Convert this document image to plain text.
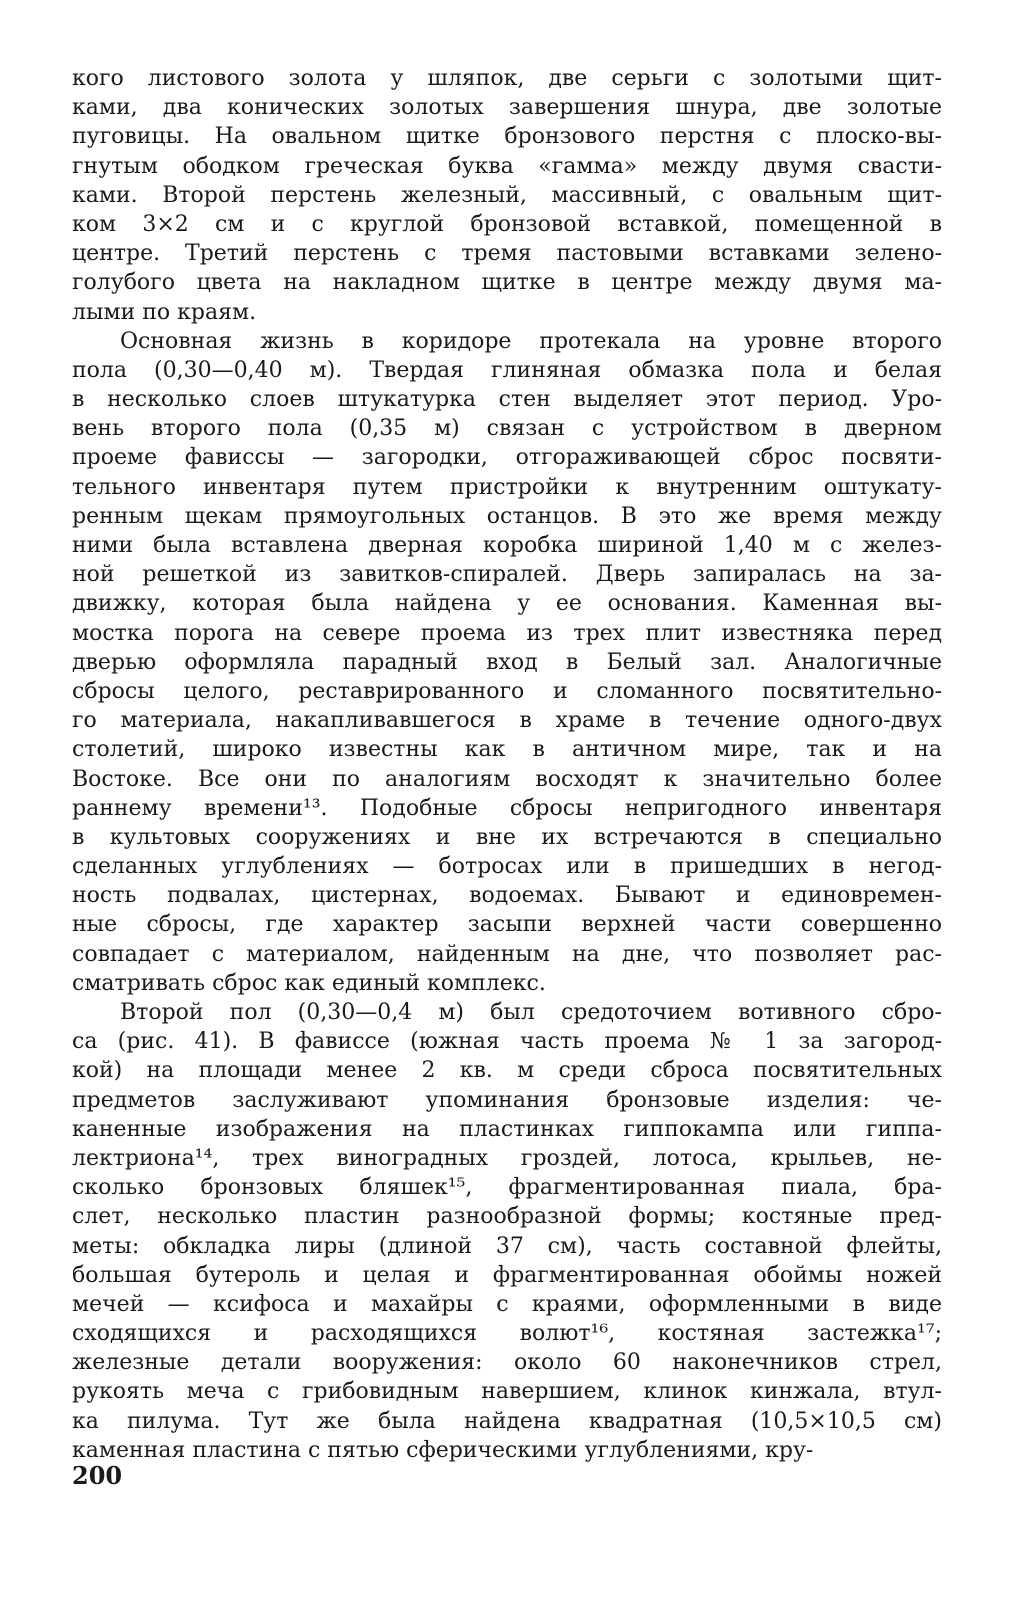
кого листового золота у шляпок, две серьги с золотыми щит-
ками, два конических золотых завершения шнура, две золотые
пуговицы. На овальном щитке бронзового перстня с плоско-вы-
гнутым ободком греческая буква «гамма» между двумя свасти-
ками. Второй перстень железный, массивный, с овальным щит-
ком 3×2 см и с круглой бронзовой вставкой, помещенной в
центре. Третий перстень с тремя пастовыми вставками зелено-
голубого цвета на накладном щитке в центре между двумя ма-
лыми по краям.
Основная жизнь в коридоре протекала на уровне второго
пола (0,30—0,40 м). Твердая глиняная обмазка пола и белая
в несколько слоев штукатурка стен выделяет этот период. Уро-
вень второго пола (0,35 м) связан с устройством в дверном
проеме фависсы — загородки, отгораживающей сброс посвяти-
тельного инвентаря путем пристройки к внутренним оштукату-
ренным щекам прямоугольных останцов. В это же время между
ними была вставлена дверная коробка шириной 1,40 м с желез-
ной решеткой из завитков-спиралей. Дверь запиралась на за-
движку, которая была найдена у ее основания. Каменная вы-
мостка порога на севере проема из трех плит известняка перед
дверью оформляла парадный вход в Белый зал. Аналогичные
сбросы целого, реставрированного и сломанного посвятительно-
го материала, накапливавшегося в храме в течение одного-двух
столетий, широко известны как в античном мире, так и на
Востоке. Все они по аналогиям восходят к значительно более
раннему времени¹³. Подобные сбросы непригодного инвентаря
в культовых сооружениях и вне их встречаются в специально
сделанных углублениях — ботросах или в пришедших в негод-
ность подвалах, цистернах, водоемах. Бывают и единовремен-
ные сбросы, где характер засыпи верхней части совершенно
совпадает с материалом, найденным на дне, что позволяет рас-
сматривать сброс как единый комплекс.
Второй пол (0,30—0,4 м) был средоточием вотивного сбро-
са (рис. 41). В фависсе (южная часть проема № 1 за загород-
кой) на площади менее 2 кв. м среди сброса посвятительных
предметов заслуживают упоминания бронзовые изделия: че-
каненные изображения на пластинках гиппокампа или гиппа-
лектриона¹⁴, трех виноградных гроздей, лотоса, крыльев, не-
сколько бронзовых бляшек¹⁵, фрагментированная пиала, бра-
слет, несколько пластин разнообразной формы; костяные пред-
меты: обкладка лиры (длиной 37 см), часть составной флейты,
большая бутероль и целая и фрагментированная обоймы ножей
мечей — ксифоса и махайры с краями, оформленными в виде
сходящихся и расходящихся волют¹⁶, костяная застежка¹⁷;
железные детали вооружения: около 60 наконечников стрел,
рукоять меча с грибовидным навершием, клинок кинжала, втул-
ка пилума. Тут же была найдена квадратная (10,5×10,5 см)
каменная пластина с пятью сферическими углублениями, кру-
200
